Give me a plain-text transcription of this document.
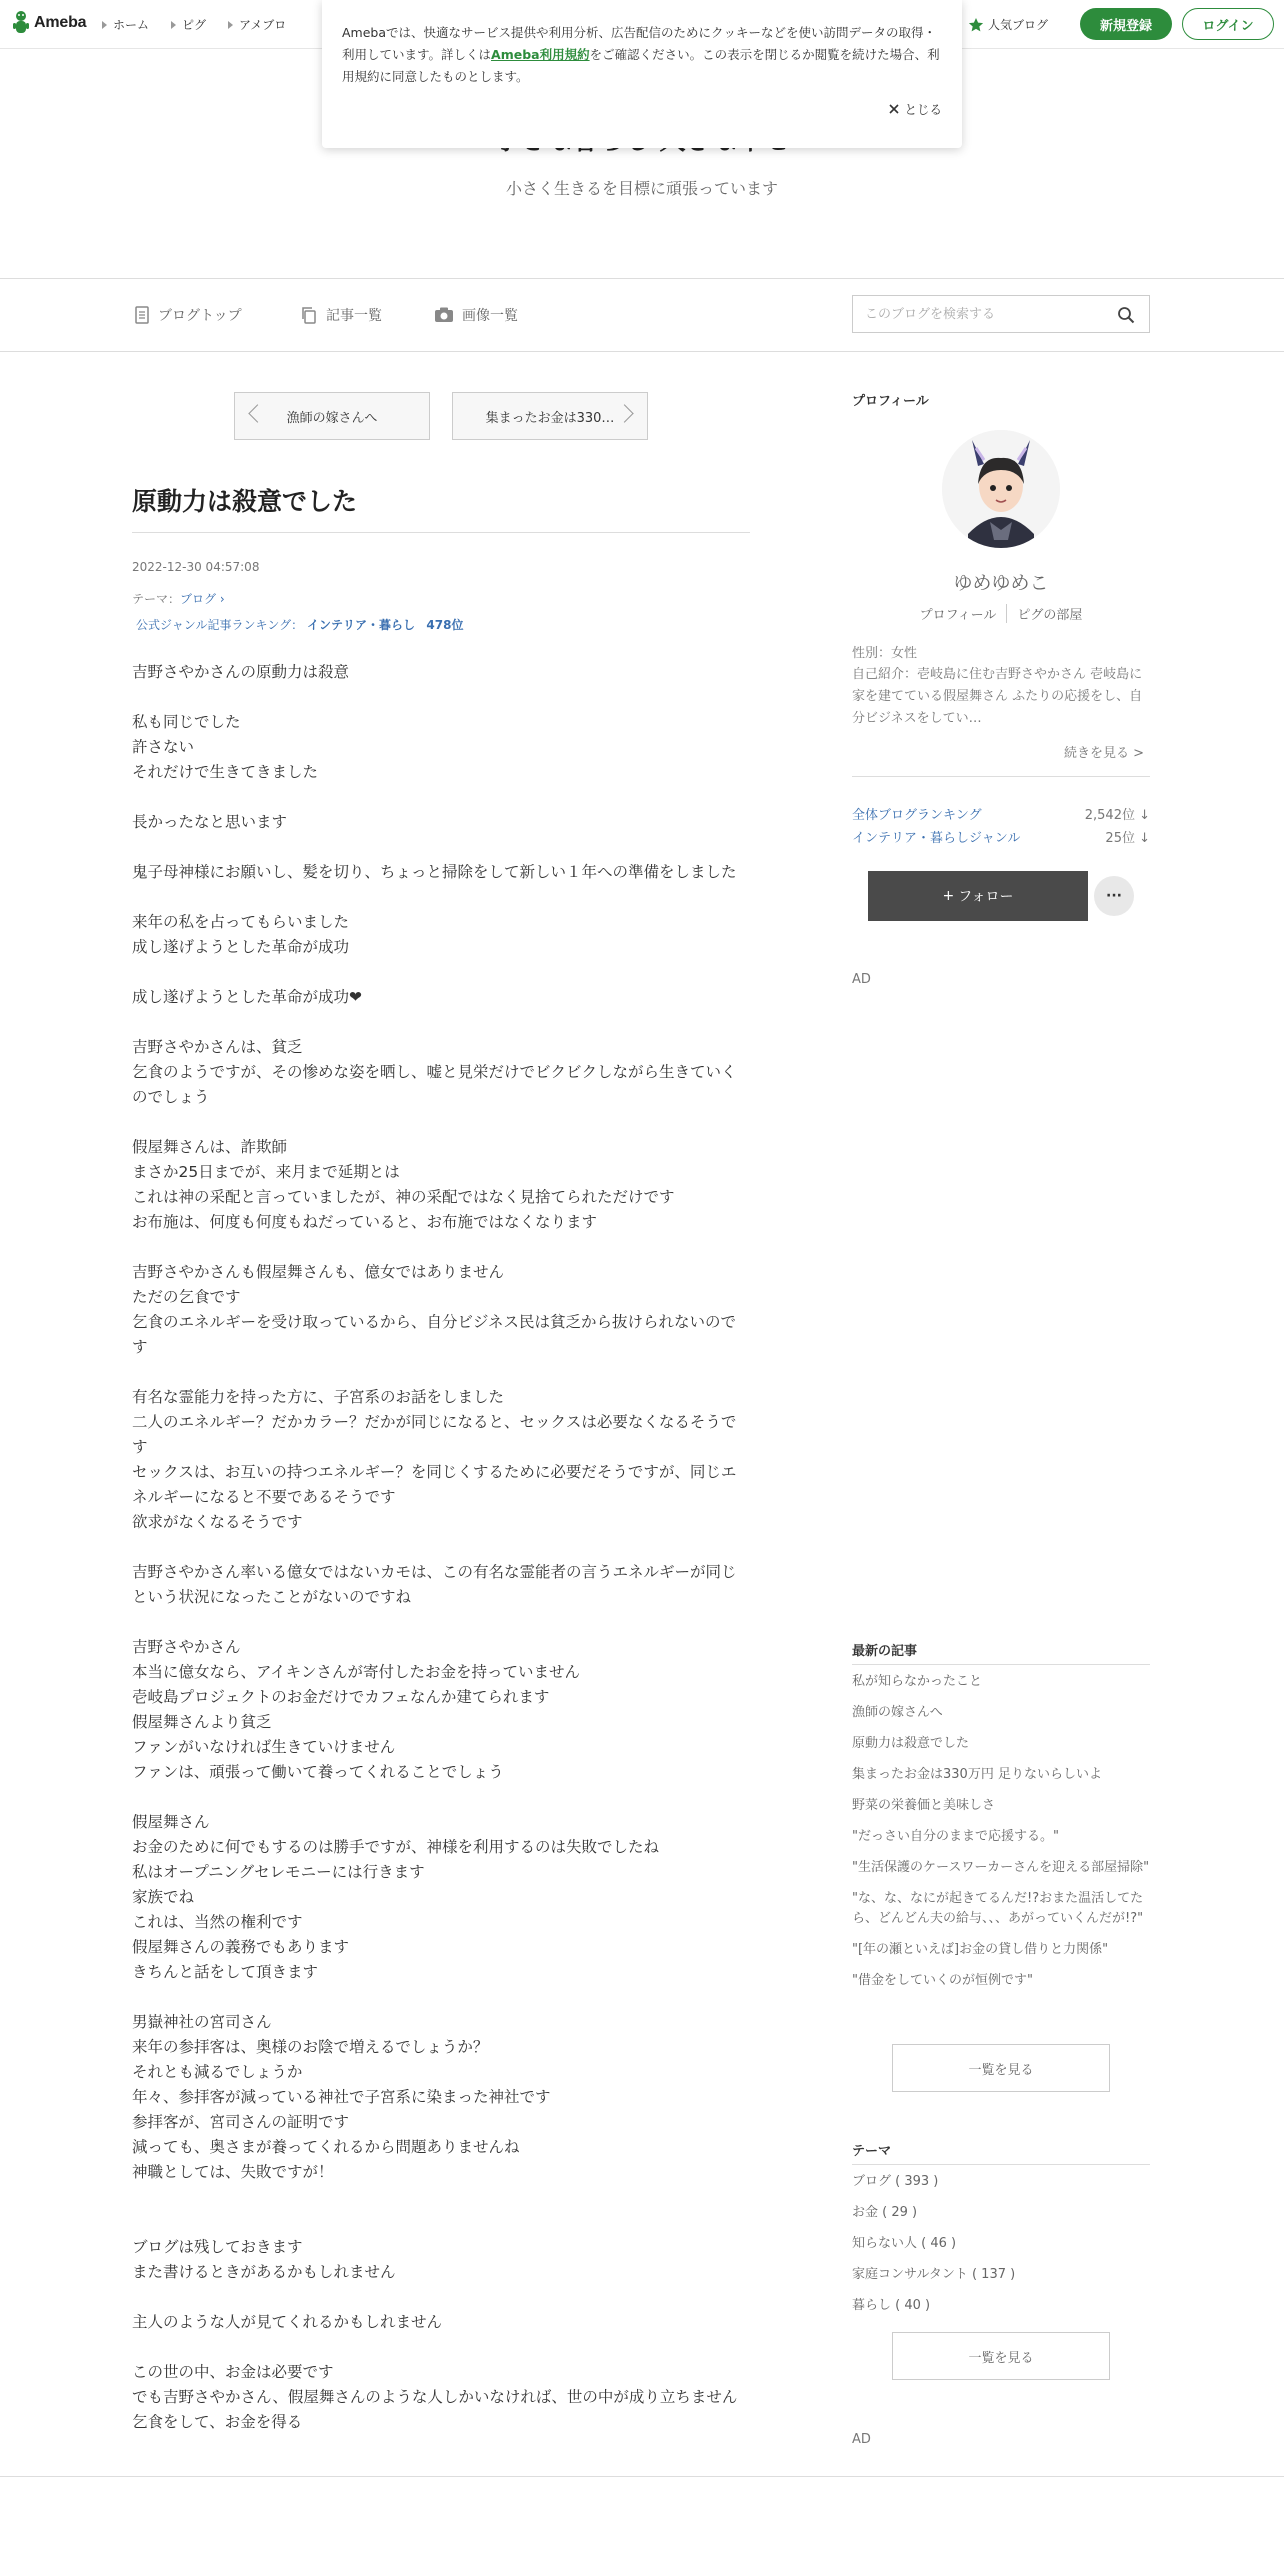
Ameba ホーム	ピグ	アメブロ	人気ブログ	新規登録	ログイン
小さく生きるを目標に頑張っています
Amebaでは、快適なサービス提供や利用分析、広告配信のためにクッキーなどを使い訪問データの取得・利用しています。詳しくはAmeba利用規約をご確認ください。この表示を閉じるか閲覧を続けた場合、利用規約に同意したものとします。
とじる
ブログトップ	記事一覧	画像一覧
このブログを検索する
漁師の嫁さんへ	集まったお金は330…
原動力は殺意でした
2022-12-30 04:57:08
テーマ：ブログ ›
公式ジャンル記事ランキング： インテリア・暮らし 478位

吉野さやかさんの原動力は殺意

私も同じでした

許さない

それだけで生きてきました

長かったなと思います

鬼子母神様にお願いし、髪を切り、ちょっと掃除をして新しい１年への準備をしました

来年の私を占ってもらいました

成し遂げようとした革命が成功

成し遂げようとした革命が成功❤

吉野さやかさんは、貧乏

乞食のようですが、その惨めな姿を晒し、嘘と見栄だけでビクビクしながら生きていくのでしょう

假屋舞さんは、詐欺師

まさか25日までが、来月まで延期とは

これは神の采配と言っていましたが、神の采配ではなく見捨てられただけです

お布施は、何度も何度もねだっていると、お布施ではなくなります

吉野さやかさんも假屋舞さんも、億女ではありません

ただの乞食です

乞食のエネルギーを受け取っているから、自分ビジネス民は貧乏から抜けられないのです

有名な霊能力を持った方に、子宮系のお話をしました

二人のエネルギー？だかカラー？だかが同じになると、セックスは必要なくなるそうです

セックスは、お互いの持つエネルギー？を同じくするために必要だそうですが、同じエネルギーになると不要であるそうです

欲求がなくなるそうです

吉野さやかさん率いる億女ではないカモは、この有名な霊能者の言うエネルギーが同じという状況になったことがないのですね

吉野さやかさん

本当に億女なら、アイキンさんが寄付したお金を持っていません

壱岐島プロジェクトのお金だけでカフェなんか建てられます

假屋舞さんより貧乏

ファンがいなければ生きていけません

ファンは、頑張って働いて養ってくれることでしょう

假屋舞さん

お金のために何でもするのは勝手ですが、神様を利用するのは失敗でしたね

私はオープニングセレモニーには行きます

家族でね

これは、当然の権利です

假屋舞さんの義務でもあります

きちんと話をして頂きます

男嶽神社の宮司さん

来年の参拝客は、奥様のお陰で増えるでしょうか？

それとも減るでしょうか

年々、参拝客が減っている神社で子宮系に染まった神社です

参拝客が、宮司さんの証明です

減っても、奥さまが養ってくれるから問題ありませんね

神職としては、失敗ですが！

ブログは残しておきます

また書けるときがあるかもしれません

主人のような人が見てくれるかもしれません

この世の中、お金は必要です

でも吉野さやかさん、假屋舞さんのような人しかいなければ、世の中が成り立ちません

乞食をして、お金を得る

プロフィール
ゆめゆめこ
プロフィール	ピグの部屋
性別：女性
自己紹介：壱岐島に住む吉野さやかさん 壱岐島に家を建てている假屋舞さん ふたりの応援をし、自分ビジネスをしてい…
続きを見る >
全体ブログランキング	2,542位 ↓
インテリア・暮らしジャンル	25位 ↓
+ フォロー	···
AD
最新の記事
私が知らなかったこと
漁師の嫁さんへ
原動力は殺意でした
集まったお金は330万円 足りないらしいよ
野菜の栄養価と美味しさ
"だっさい自分のままで応援する。"
"生活保護のケースワーカーさんを迎える部屋掃除"
"な、な、なにが起きてるんだ!?おまた温活してたら、どんどん夫の給与、、、あがっていくんだが!?"
"[年の瀬といえば]お金の貸し借りと力関係"
"借金をしていくのが恒例です"
一覧を見る
テーマ
ブログ ( 393 )
お金 ( 29 )
知らない人 ( 46 )
家庭コンサルタント ( 137 )
暮らし ( 40 )
一覧を見る
AD
